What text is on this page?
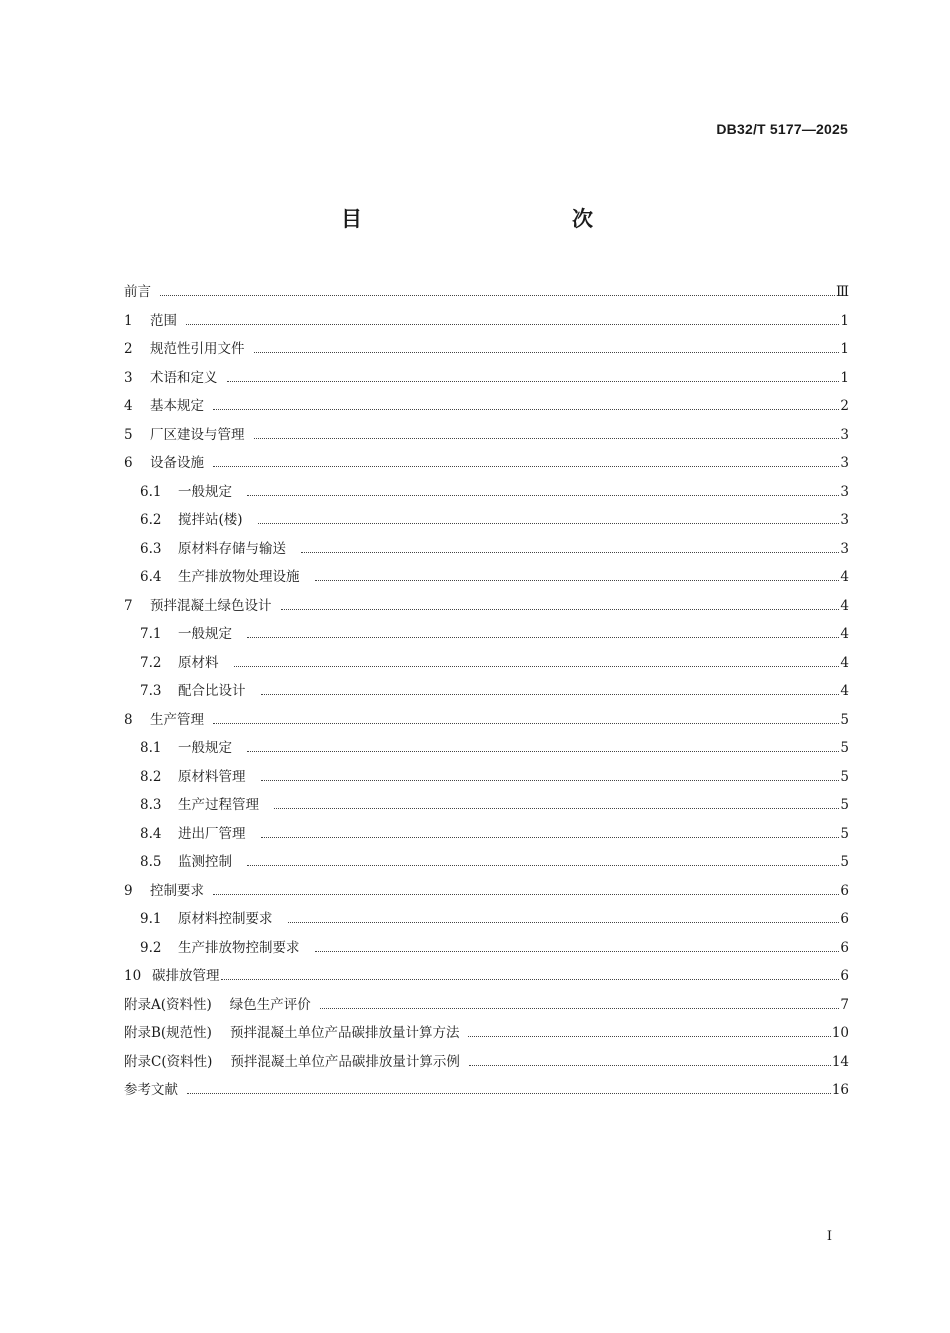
DB32/T 5177—2025
目　　次
前言	Ⅲ
1	范围	1
2	规范性引用文件	1
3	术语和定义	1
4	基本规定	2
5	厂区建设与管理	3
6	设备设施	3
6.1	一般规定	3
6.2	搅拌站(楼)	3
6.3	原材料存储与输送	3
6.4	生产排放物处理设施	4
7	预拌混凝土绿色设计	4
7.1	一般规定	4
7.2	原材料	4
7.3	配合比设计	4
8	生产管理	5
8.1	一般规定	5
8.2	原材料管理	5
8.3	生产过程管理	5
8.4	进出厂管理	5
8.5	监测控制	5
9	控制要求	6
9.1	原材料控制要求	6
9.2	生产排放物控制要求	6
10 碳排放管理	6
附录A(资料性)	绿色生产评价	7
附录B(规范性)	预拌混凝土单位产品碳排放量计算方法	10
附录C(资料性)	预拌混凝土单位产品碳排放量计算示例	14
参考文献	16
I
